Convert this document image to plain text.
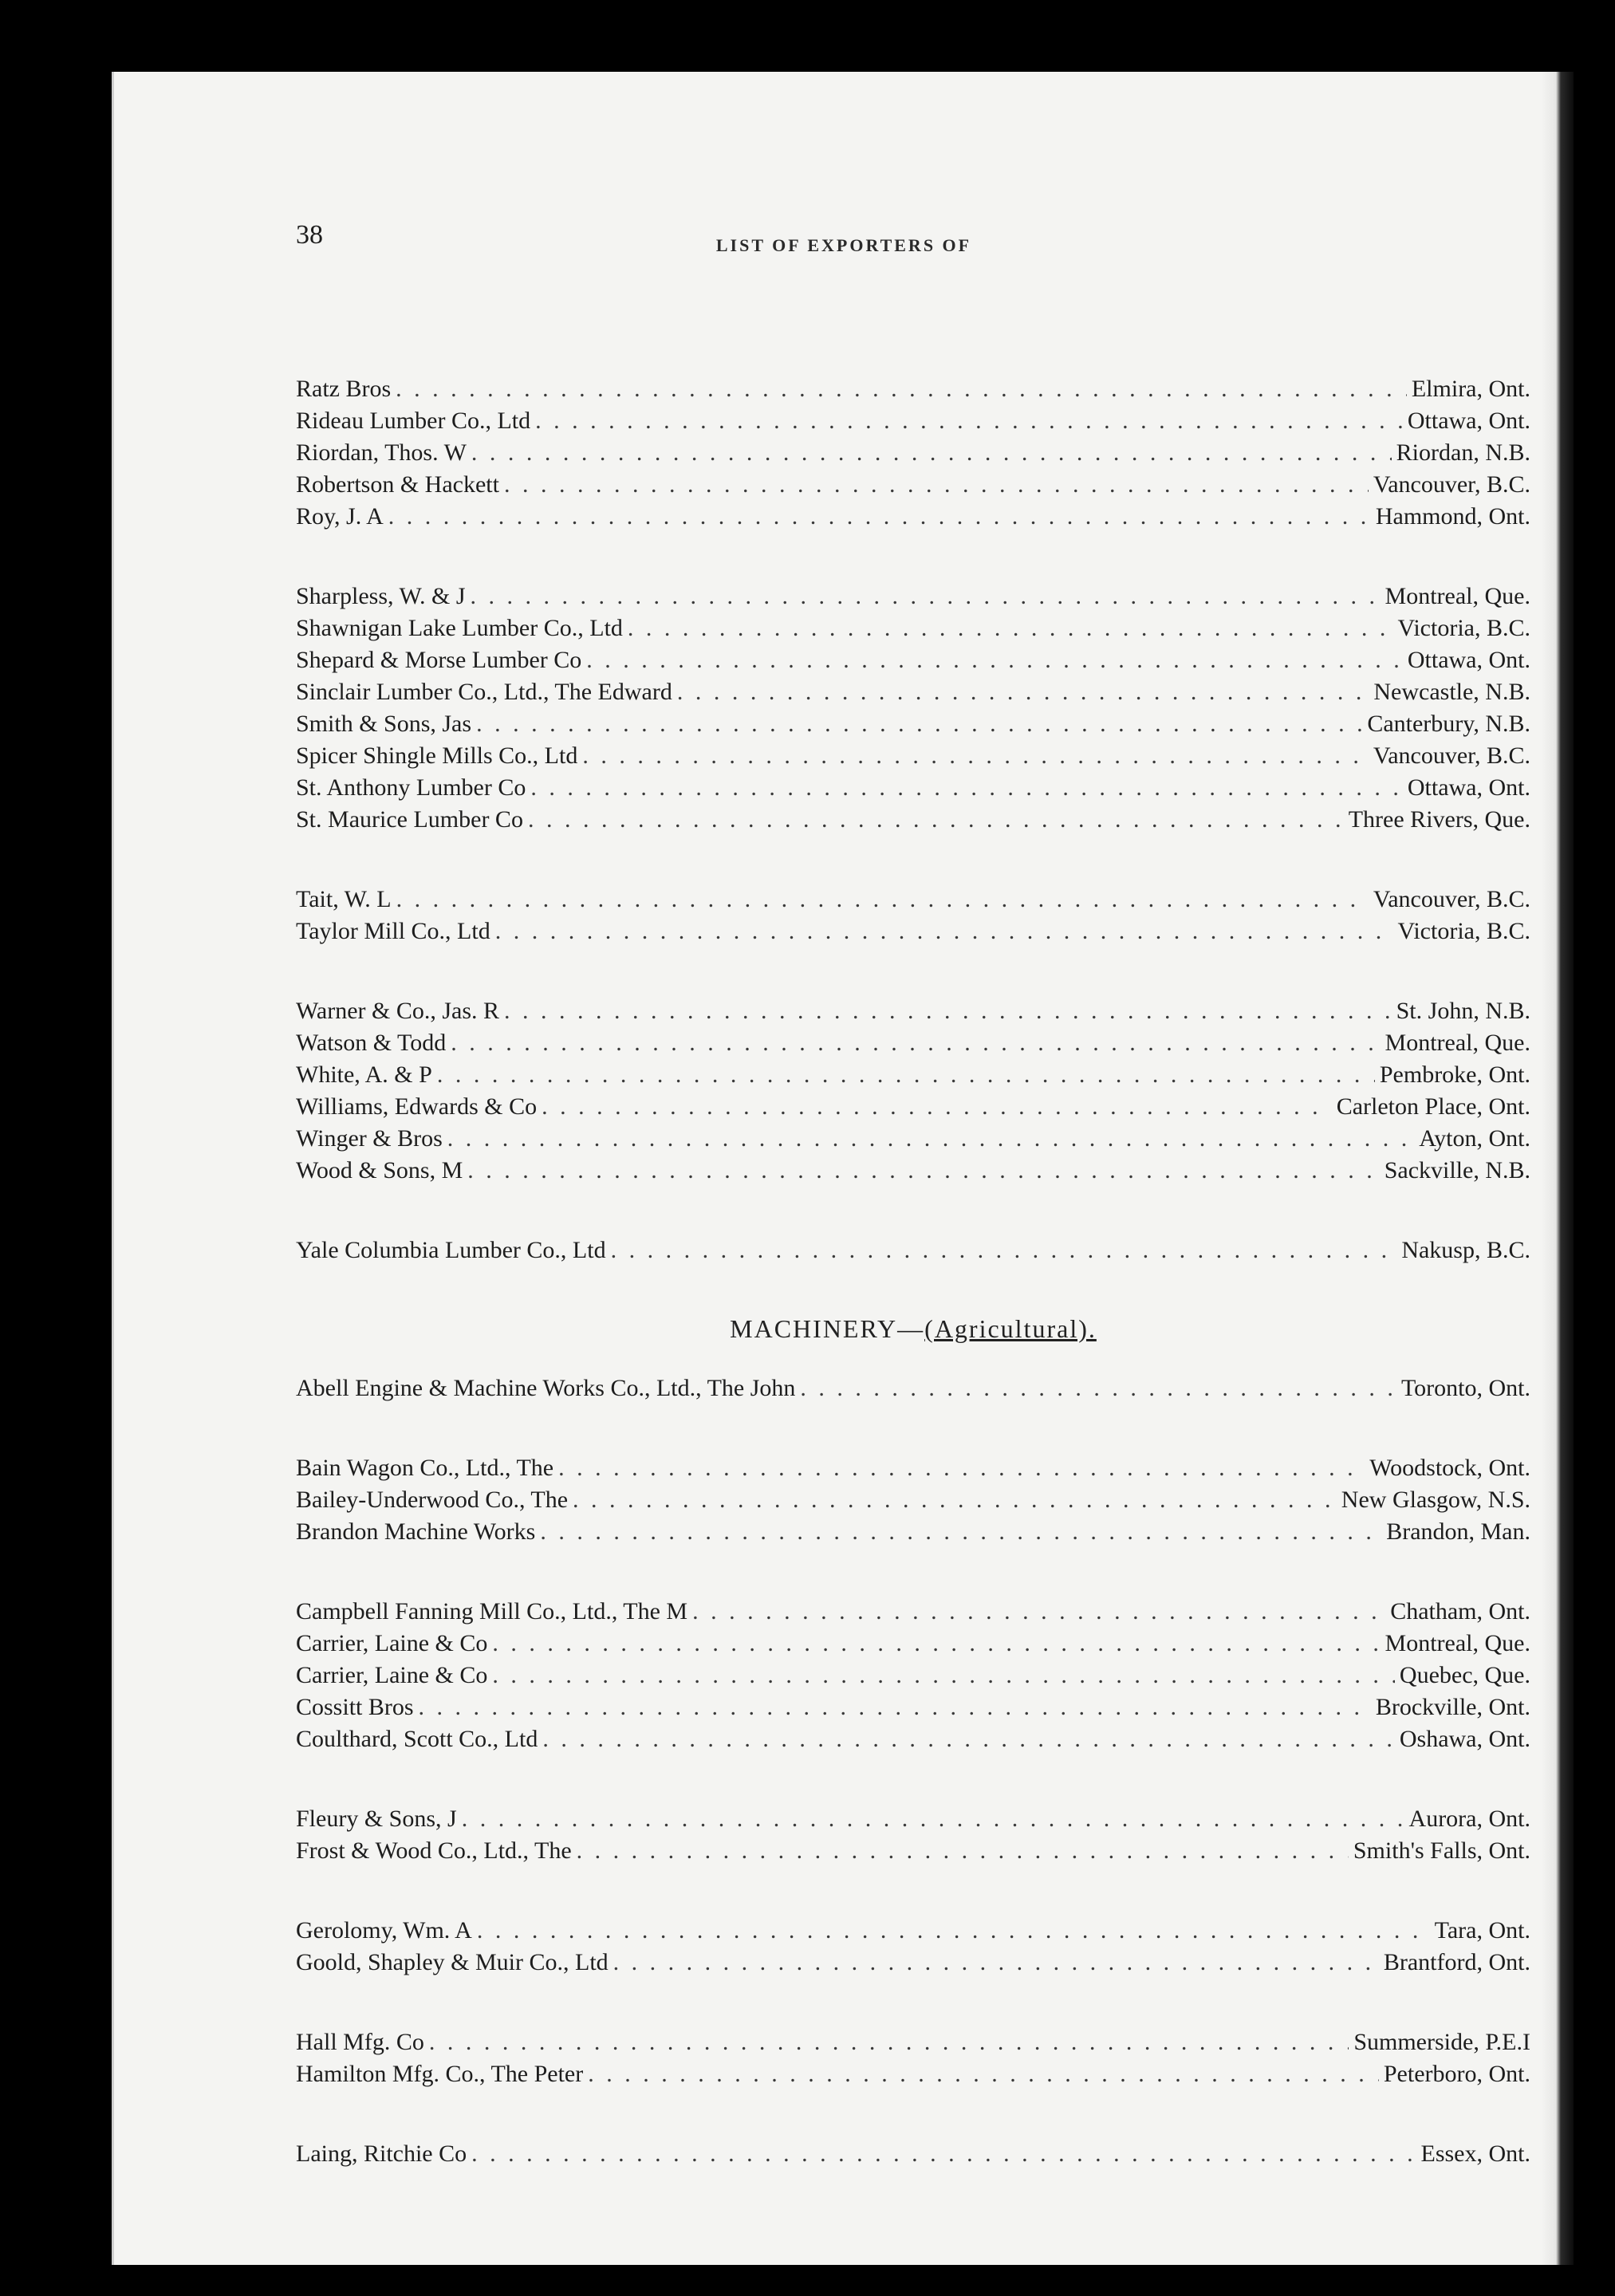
38	LIST OF EXPORTERS OF
Ratz Bros . . .	Elmira, Ont.
Rideau Lumber Co., Ltd . . .	Ottawa, Ont.
Riordan, Thos. W . . .	Riordan, N.B.
Robertson & Hackett . . .	Vancouver, B.C.
Roy, J. A . . .	Hammond, Ont.
Sharpless, W. & J . . .	Montreal, Que.
Shawnigan Lake Lumber Co., Ltd . . .	Victoria, B.C.
Shepard & Morse Lumber Co . . .	Ottawa, Ont.
Sinclair Lumber Co., Ltd., The Edward . . .	Newcastle, N.B.
Smith & Sons, Jas . . .	Canterbury, N.B.
Spicer Shingle Mills Co., Ltd . . .	Vancouver, B.C.
St. Anthony Lumber Co . . .	Ottawa, Ont.
St. Maurice Lumber Co . . .	Three Rivers, Que.
Tait, W. L . . .	Vancouver, B.C.
Taylor Mill Co., Ltd . . .	Victoria, B.C.
Warner & Co., Jas. R . . .	St. John, N.B.
Watson & Todd . . .	Montreal, Que.
White, A. & P . . .	Pembroke, Ont.
Williams, Edwards & Co . . .	Carleton Place, Ont.
Winger & Bros . . .	Ayton, Ont.
Wood & Sons, M . . .	Sackville, N.B.
Yale Columbia Lumber Co., Ltd . . .	Nakusp, B.C.
MACHINERY—(Agricultural).
Abell Engine & Machine Works Co., Ltd., The John . . .	Toronto, Ont.
Bain Wagon Co., Ltd., The . . .	Woodstock, Ont.
Bailey-Underwood Co., The . . .	New Glasgow, N.S.
Brandon Machine Works . . .	Brandon, Man.
Campbell Fanning Mill Co., Ltd., The M . . .	Chatham, Ont.
Carrier, Laine & Co . . .	Montreal, Que.
Carrier, Laine & Co . . .	Quebec, Que.
Cossitt Bros . . .	Brockville, Ont.
Coulthard, Scott Co., Ltd . . .	Oshawa, Ont.
Fleury & Sons, J . . .	Aurora, Ont.
Frost & Wood Co., Ltd., The . . .	Smith's Falls, Ont.
Gerolomy, Wm. A . . .	Tara, Ont.
Goold, Shapley & Muir Co., Ltd . . .	Brantford, Ont.
Hall Mfg. Co . . .	Summerside, P.E.I
Hamilton Mfg. Co., The Peter . . .	Peterboro, Ont.
Laing, Ritchie Co . . .	Essex, Ont.
